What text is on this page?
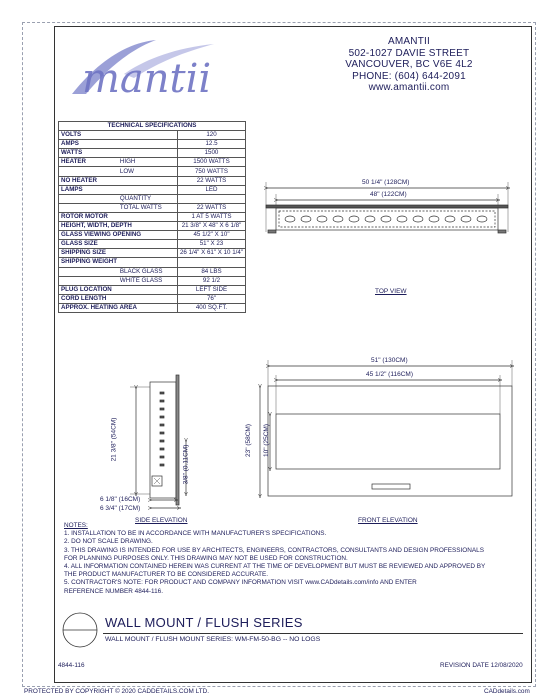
mantii
AMANTII
502-1027 DAVIE STREET
VANCOUVER, BC V6E 4L2
PHONE: (604) 644-2091
www.amantii.com
TECHNICAL SPECIFICATIONS		
VOLTS		120
AMPS		12.5
WATTS		1500
HEATER	HIGH	1500 WATTS
	LOW	750 WATTS
NO HEATER		22 WATTS
LAMPS		LED
	QUANTITY	
	TOTAL WATTS	22 WATTS
ROTOR MOTOR		1 AT 5 WATTS
HEIGHT, WIDTH, DEPTH		21 3/8" X 48" X 6 1/8"
GLASS VIEWING OPENING		45 1/2" X 10"
GLASS SIZE		51" X 23
SHIPPING SIZE		26 1/4" X 61" X 10 1/4"
SHIPPING WEIGHT		
	BLACK GLASS	84 LBS
	WHITE GLASS	92 1/2
PLUG LOCATION		LEFT SIDE
CORD LENGTH		76"
APPROX. HEATING AREA		400 SQ.FT.
50 1/4" (128CM)
48" (122CM)
TOP VIEW
21 3/8" (54CM)
3/8" (0.11CM)
6 1/8" (16CM)
6 3/4" (17CM)
SIDE ELEVATION
51" (130CM)
45 1/2" (116CM)
23" (58CM) 10" (25CM)
FRONT ELEVATION
NOTES:
1. INSTALLATION TO BE IN ACCORDANCE WITH MANUFACTURER'S SPECIFICATIONS.
2. DO NOT SCALE DRAWING.
3. THIS DRAWING IS INTENDED FOR USE BY ARCHITECTS, ENGINEERS, CONTRACTORS, CONSULTANTS AND DESIGN PROFESSIONALS
FOR PLANNING PURPOSES ONLY. THIS DRAWING MAY NOT BE USED FOR CONSTRUCTION.
4. ALL INFORMATION CONTAINED HEREIN WAS CURRENT AT THE TIME OF DEVELOPMENT BUT MUST BE REVIEWED AND APPROVED BY
THE PRODUCT MANUFACTURER TO BE CONSIDERED ACCURATE.
5. CONTRACTOR'S NOTE: FOR PRODUCT AND COMPANY INFORMATION VISIT www.CADdetails.com/info AND ENTER
REFERENCE NUMBER 4844-116.
WALL MOUNT / FLUSH SERIES
WALL MOUNT / FLUSH MOUNT SERIES: WM-FM-50-BG -- NO LOGS
4844-116	REVISION DATE 12/08/2020
PROTECTED BY COPYRIGHT © 2020 CADDETAILS.COM LTD.	CADdetails.com
